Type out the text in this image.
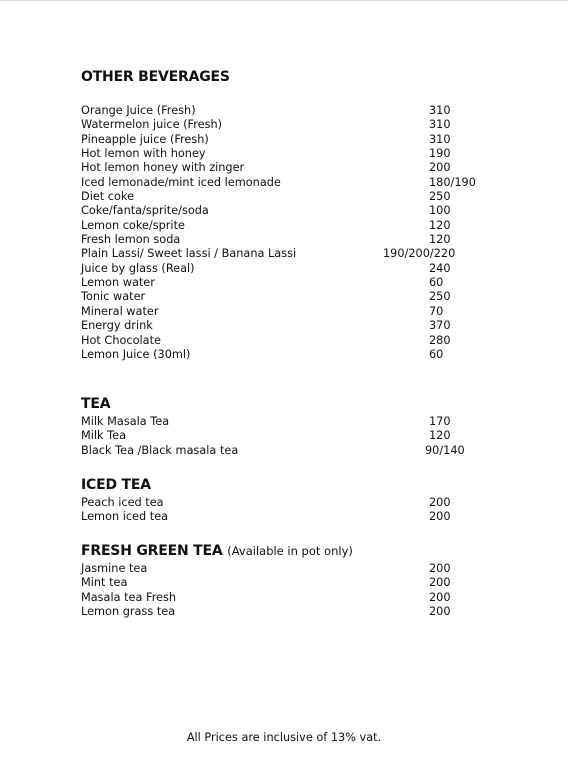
OTHER BEVERAGES
Orange Juice (Fresh)	310
Watermelon juice (Fresh)	310
Pineapple juice (Fresh)	310
Hot lemon with honey	190
Hot lemon honey with zinger	200
Iced lemonade/mint iced lemonade	180/190
Diet coke	250
Coke/fanta/sprite/soda	100
Lemon coke/sprite	120
Fresh lemon soda	120
Plain Lassi/ Sweet lassi / Banana Lassi	190/200/220
Juice by glass (Real)	240
Lemon water	60
Tonic water	250
Mineral water	70
Energy drink	370
Hot Chocolate	280
Lemon Juice (30ml)	60
TEA
Milk Masala Tea	170
Milk Tea	120
Black Tea /Black masala tea	90/140
ICED TEA
Peach iced tea	200
Lemon iced tea	200
FRESH GREEN TEA (Available in pot only)
Jasmine tea	200
Mint tea	200
Masala tea Fresh	200
Lemon grass tea	200
All Prices are inclusive of 13% vat.
